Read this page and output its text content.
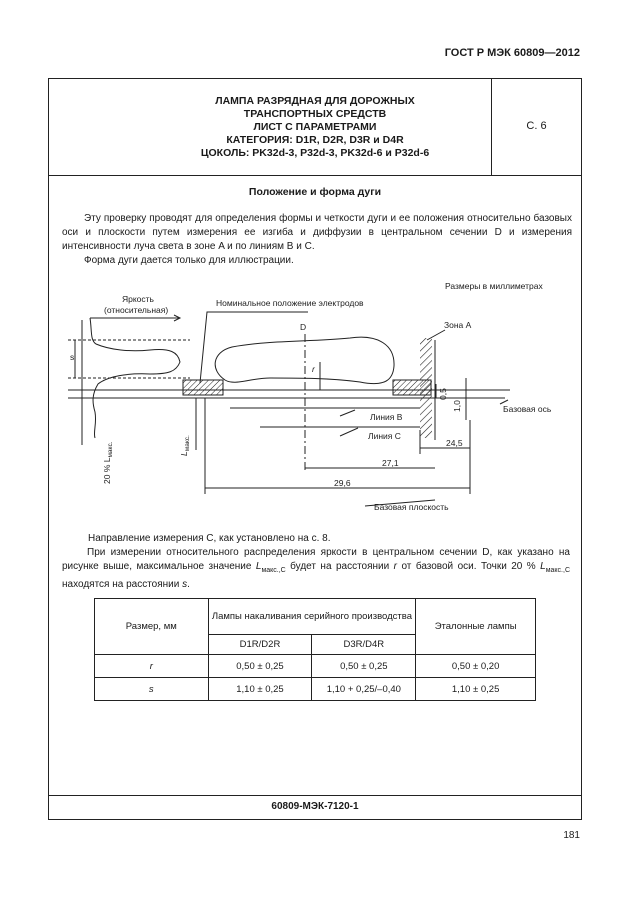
ГОСТ Р МЭК 60809—2012
ЛАМПА РАЗРЯДНАЯ ДЛЯ ДОРОЖНЫХ
ТРАНСПОРТНЫХ СРЕДСТВ
ЛИСТ С ПАРАМЕТРАМИ
КАТЕГОРИЯ: D1R, D2R, D3R и D4R
ЦОКОЛЬ: PK32d-3, P32d-3, PK32d-6 и P32d-6
С. 6
Положение и форма дуги
Эту проверку проводят для определения формы и четкости дуги и ее положения относительно базовых оси и плоскости путем измерения ее изгиба и диффузии в центральном сечении D и измерения интенсивности луча света в зоне A и по линиям B и C.
Форма дуги дается только для иллюстрации.
Размеры в миллиметрах
Яркость
(относительная)
Номинальное положение электродов
D	Зона A
s
r
Линия B
Линия C
Базовая ось
24,5
27,1
29,6
Базовая плоскость
0,5
1,0
20 % $L_{макс.}$	$L_{макс.}$
Направление измерения C, как установлено на с. 8.
При измерении относительного распределения яркости в центральном сечении D, как указано на рисунке выше, максимальное значение $L_{макс.,C}$ будет на расстоянии r от базовой оси. Точки 20 % $L_{макс.,C}$ находятся на расстоянии s.
Размер, мм	Лампы накаливания серийного производства		Эталонные лампы
	D1R/D2R	D3R/D4R	
r	0,50 ± 0,25	0,50 ± 0,25	0,50 ± 0,20
s	1,10 ± 0,25	1,10 + 0,25/–0,40	1,10 ± 0,25
60809-МЭК-7120-1
181
